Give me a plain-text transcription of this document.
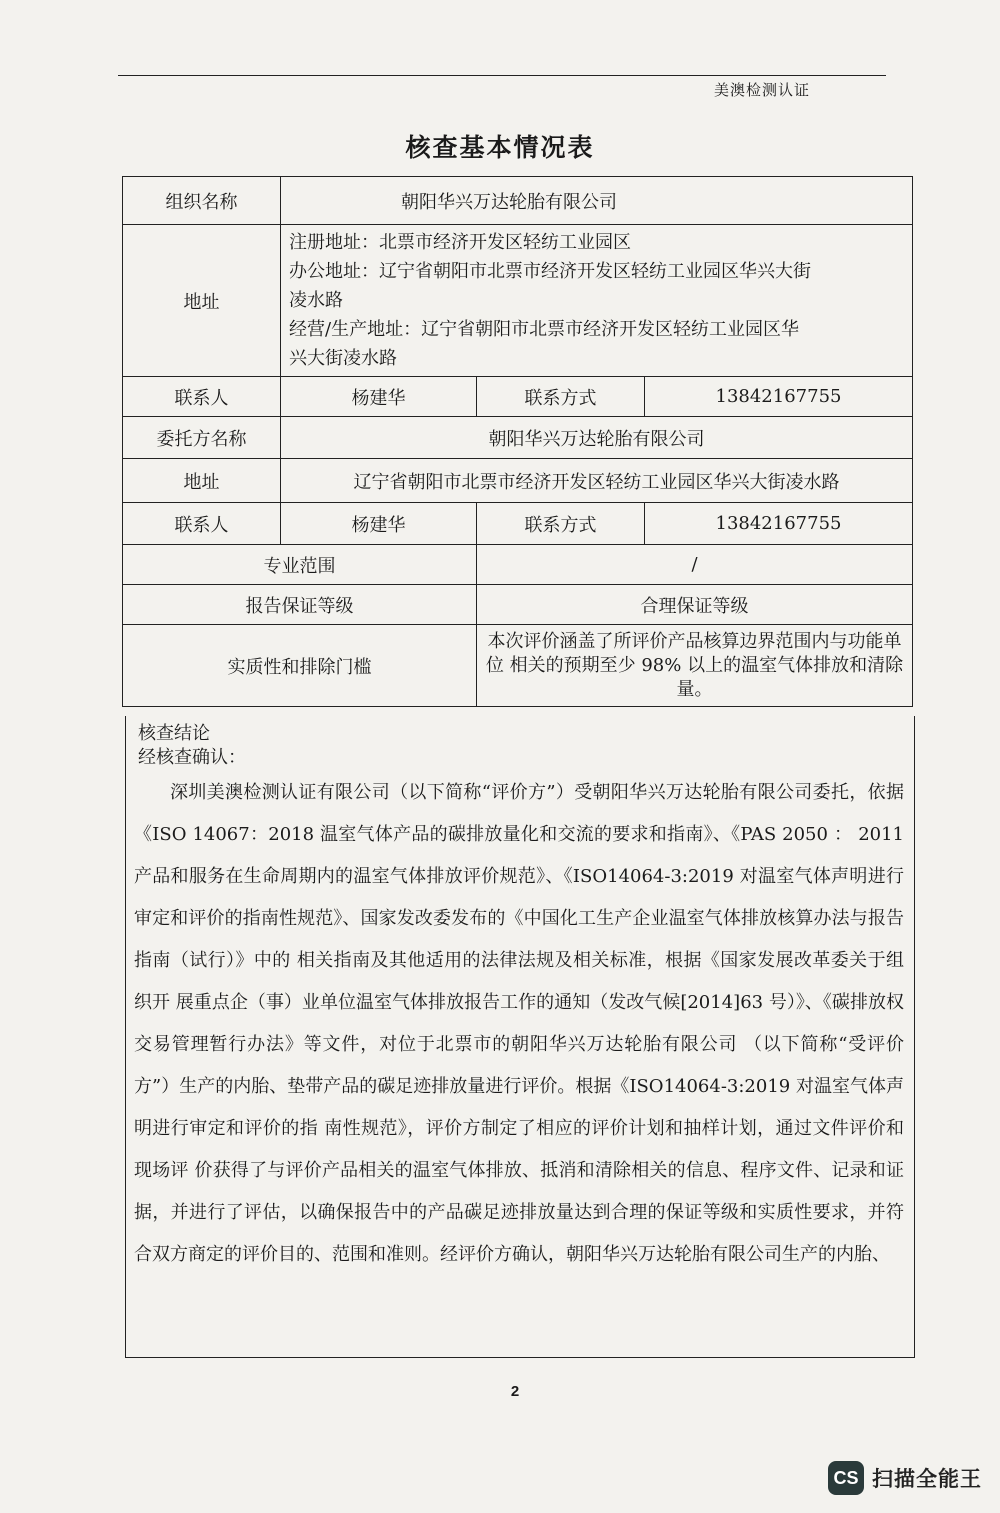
美澳检测认证
核查基本情况表
组织名称	朝阳华兴万达轮胎有限公司		
地址	注册地址：北票市经济开发区轻纺工业园区
办公地址：辽宁省朝阳市北票市经济开发区轻纺工业园区华兴大街
凌水路
经营/生产地址：辽宁省朝阳市北票市经济开发区轻纺工业园区华
兴大街凌水路		

联系人	杨建华	联系方式	13842167755
委托方名称	朝阳华兴万达轮胎有限公司		
地址	辽宁省朝阳市北票市经济开发区轻纺工业园区华兴大街凌水路		
联系人	杨建华	联系方式	13842167755
专业范围		/	
报告保证等级		合理保证等级	
实质性和排除门槛		本次评价涵盖了所评价产品核算边界范围内与功能单位 相关的预期至少 98% 以上的温室气体排放和清除量。	
核查结论
经核查确认：
深圳美澳检测认证有限公司（以下简称“评价方”）受朝阳华兴万达轮胎有限公司委托，依据《ISO 14067：2018 温室气体产品的碳排放量化和交流的要求和指南》、《PAS 2050 ： 2011 产品和服务在生命周期内的温室气体排放评价规范》、《ISO14064-3:2019 对温室气体声明进行审定和评价的指南性规范》、国家发改委发布的《中国化工生产企业温室气体排放核算办法与报告指南（试行）》中的 相关指南及其他适用的法律法规及相关标准，根据《国家发展改革委关于组织开 展重点企（事）业单位温室气体排放报告工作的通知（发改气候[2014]63 号）》、《碳排放权交易管理暂行办法》等文件，对位于北票市的朝阳华兴万达轮胎有限公司 （以下简称“受评价方”）生产的内胎、垫带产品的碳足迹排放量进行评价。根据《ISO14064-3:2019 对温室气体声明进行审定和评价的指 南性规范》，评价方制定了相应的评价计划和抽样计划，通过文件评价和现场评 价获得了与评价产品相关的温室气体排放、抵消和清除相关的信息、程序文件、记录和证据，并进行了评估，以确保报告中的产品碳足迹排放量达到合理的保证等级和实质性要求，并符合双方商定的评价目的、范围和准则。经评价方确认，朝阳华兴万达轮胎有限公司生产的内胎、
2
CS 扫描全能王
